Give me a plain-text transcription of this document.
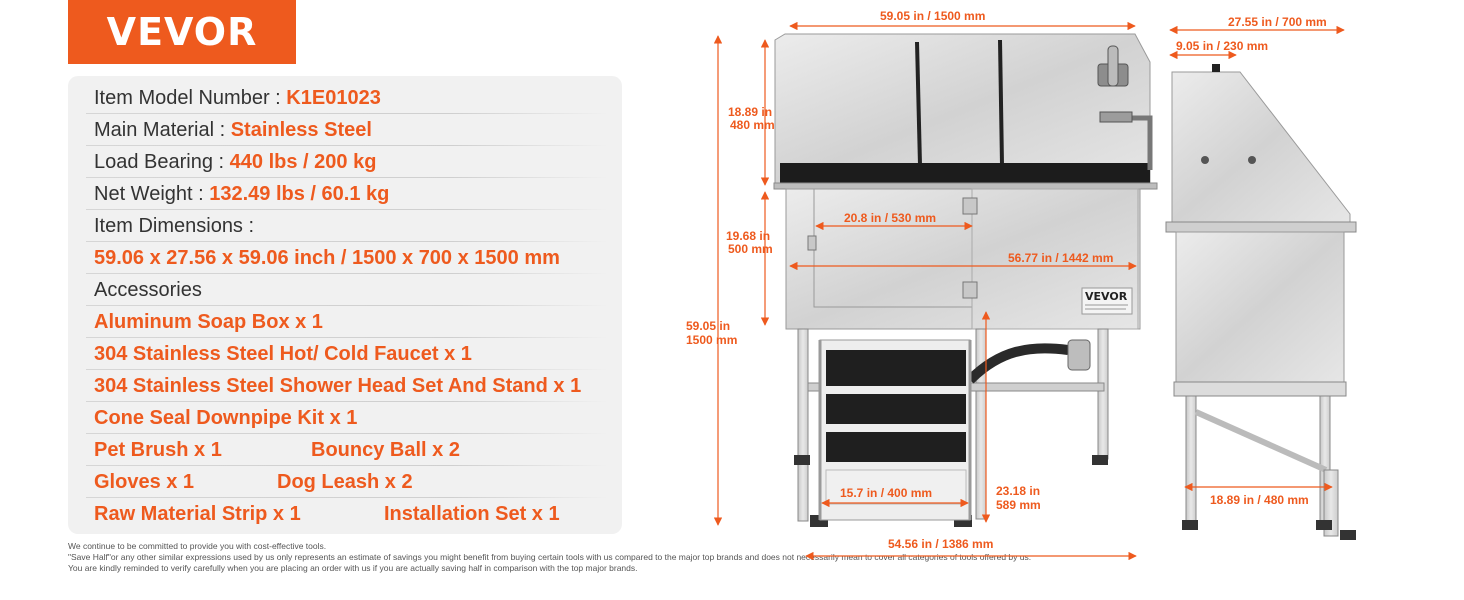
VEVOR
Item Model Number : K1E01023
Main Material : Stainless Steel
Load Bearing : 440 lbs / 200 kg
Net Weight : 132.49 lbs / 60.1 kg
Item Dimensions :
59.06 x 27.56 x 59.06 inch / 1500 x 700 x 1500 mm
Accessories
Aluminum Soap Box x 1
304 Stainless Steel Hot/ Cold Faucet x 1
304 Stainless Steel Shower Head Set And Stand x 1
Cone Seal Downpipe Kit x 1
Pet Brush x 1	Bouncy Ball x 2
Gloves x 1	Dog Leash x 2
Raw Material Strip x 1	Installation Set x 1
We continue to be committed to provide you with cost-effective tools.
"Save Half"or any other similar expressions used by us only represents an estimate of savings you might benefit from buying certain tools with us compared to the major top brands and does not necessarily mean to cover all categories of tools offered by us.
You are kindly reminded to verify carefully when you are placing an order with us if you are actually saving half in comparison with the top major brands.
VEVOR
59.05 in / 1500 mm
18.89 in
480 mm
19.68 in
500 mm
59.05 in
1500 mm
20.8 in / 530 mm
56.77 in / 1442 mm
15.7 in / 400 mm	23.18 in
589 mm
54.56 in / 1386 mm
27.55 in / 700 mm
9.05 in / 230 mm
18.89 in / 480 mm
